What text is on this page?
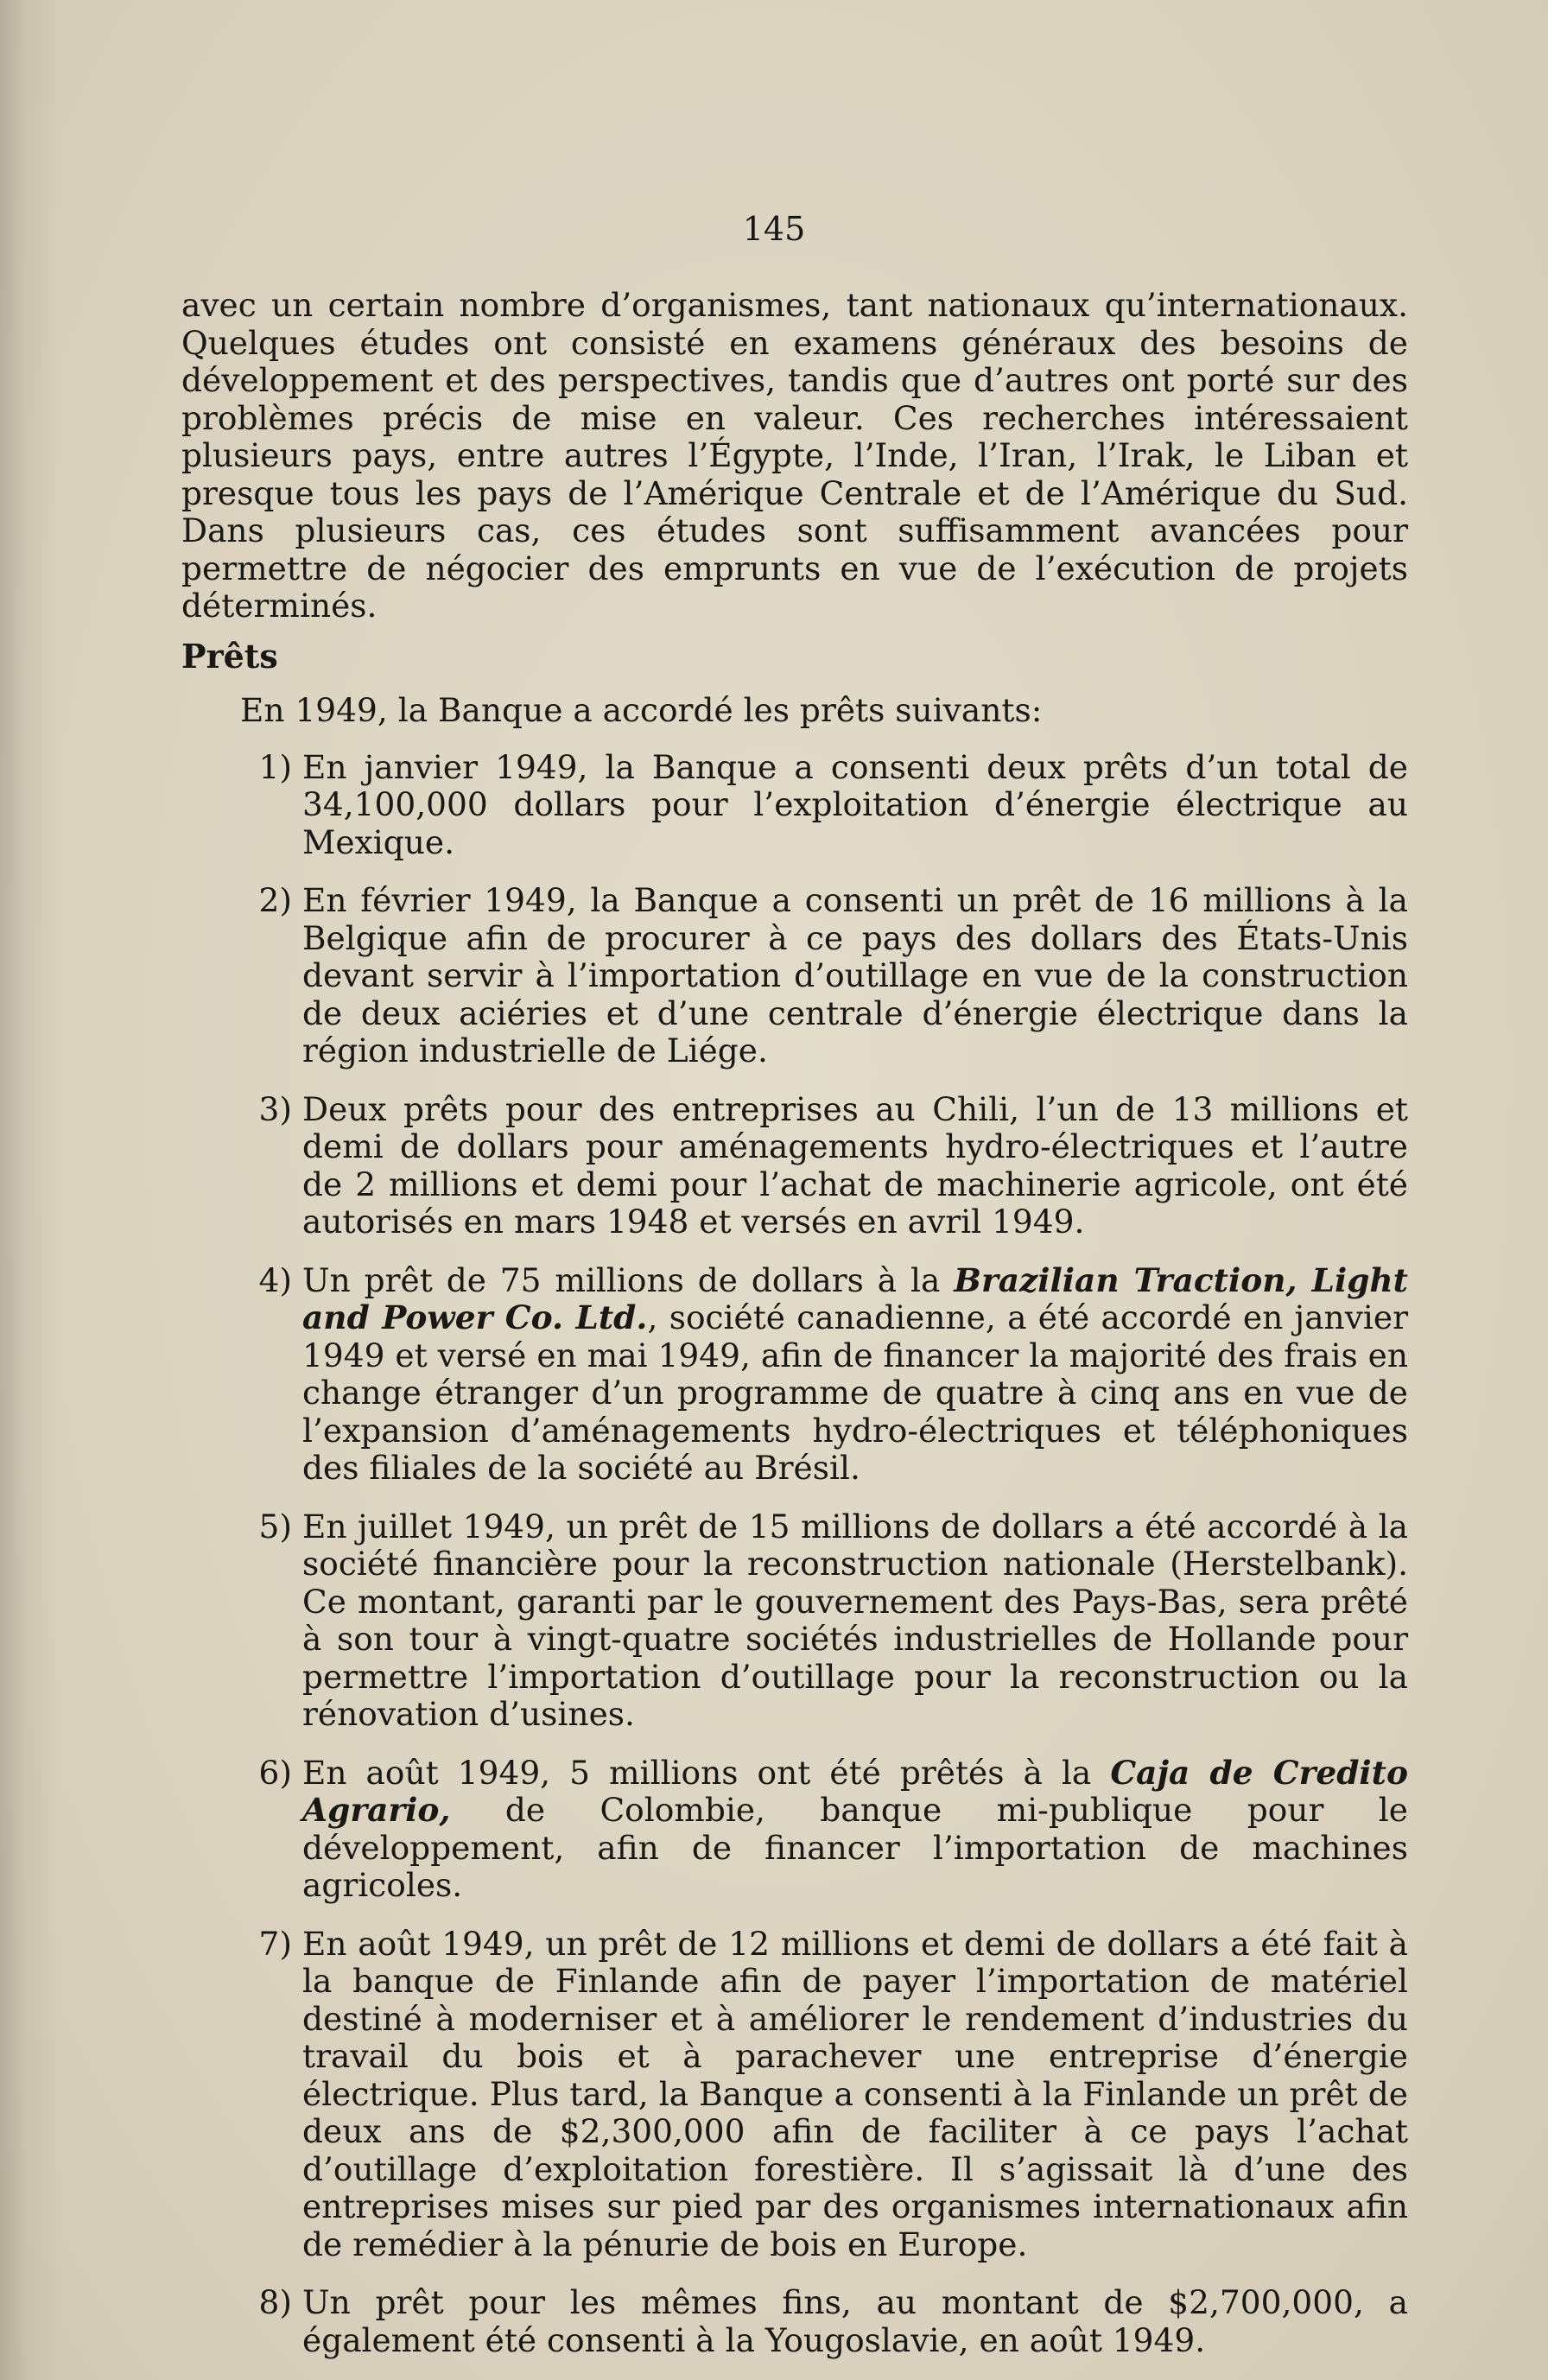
145

avec un certain nombre d’organismes, tant nationaux qu’internationaux. Quelques études ont consisté en examens généraux des besoins de développement et des perspectives, tandis que d’autres ont porté sur des problèmes précis de mise en valeur. Ces recherches intéressaient plusieurs pays, entre autres l’Égypte, l’Inde, l’Iran, l’Irak, le Liban et presque tous les pays de l’Amérique Centrale et de l’Amérique du Sud. Dans plusieurs cas, ces études sont suffisamment avancées pour permettre de négocier des emprunts en vue de l’exécution de projets déterminés.

Prêts

En 1949, la Banque a accordé les prêts suivants:

1) En janvier 1949, la Banque a consenti deux prêts d’un total de 34,100,000 dollars pour l’exploitation d’énergie électrique au Mexique.
2) En février 1949, la Banque a consenti un prêt de 16 millions à la Belgique afin de procurer à ce pays des dollars des États-Unis devant servir à l’importation d’outillage en vue de la construction de deux aciéries et d’une centrale d’énergie électrique dans la région industrielle de Liége.
3) Deux prêts pour des entreprises au Chili, l’un de 13 millions et demi de dollars pour aménagements hydro-électriques et l’autre de 2 millions et demi pour l’achat de machinerie agricole, ont été autorisés en mars 1948 et versés en avril 1949.
4) Un prêt de 75 millions de dollars à la Brazilian Traction, Light and Power Co. Ltd., société canadienne, a été accordé en janvier 1949 et versé en mai 1949, afin de financer la majorité des frais en change étranger d’un programme de quatre à cinq ans en vue de l’expansion d’aménagements hydro-électriques et téléphoniques des filiales de la société au Brésil.
5) En juillet 1949, un prêt de 15 millions de dollars a été accordé à la société financière pour la reconstruction nationale (Herstelbank). Ce montant, garanti par le gouvernement des Pays-Bas, sera prêté à son tour à vingt-quatre sociétés industrielles de Hollande pour permettre l’importation d’outillage pour la reconstruction ou la rénovation d’usines.
6) En août 1949, 5 millions ont été prêtés à la Caja de Credito Agrario, de Colombie, banque mi-publique pour le développement, afin de financer l’importation de machines agricoles.
7) En août 1949, un prêt de 12 millions et demi de dollars a été fait à la banque de Finlande afin de payer l’importation de matériel destiné à moderniser et à améliorer le rendement d’industries du travail du bois et à parachever une entreprise d’énergie électrique. Plus tard, la Banque a consenti à la Finlande un prêt de deux ans de $2,300,000 afin de faciliter à ce pays l’achat d’outillage d’exploitation forestière. Il s’agissait là d’une des entreprises mises sur pied par des organismes internationaux afin de remédier à la pénurie de bois en Europe.
8) Un prêt pour les mêmes fins, au montant de $2,700,000, a également été consenti à la Yougoslavie, en août 1949.
